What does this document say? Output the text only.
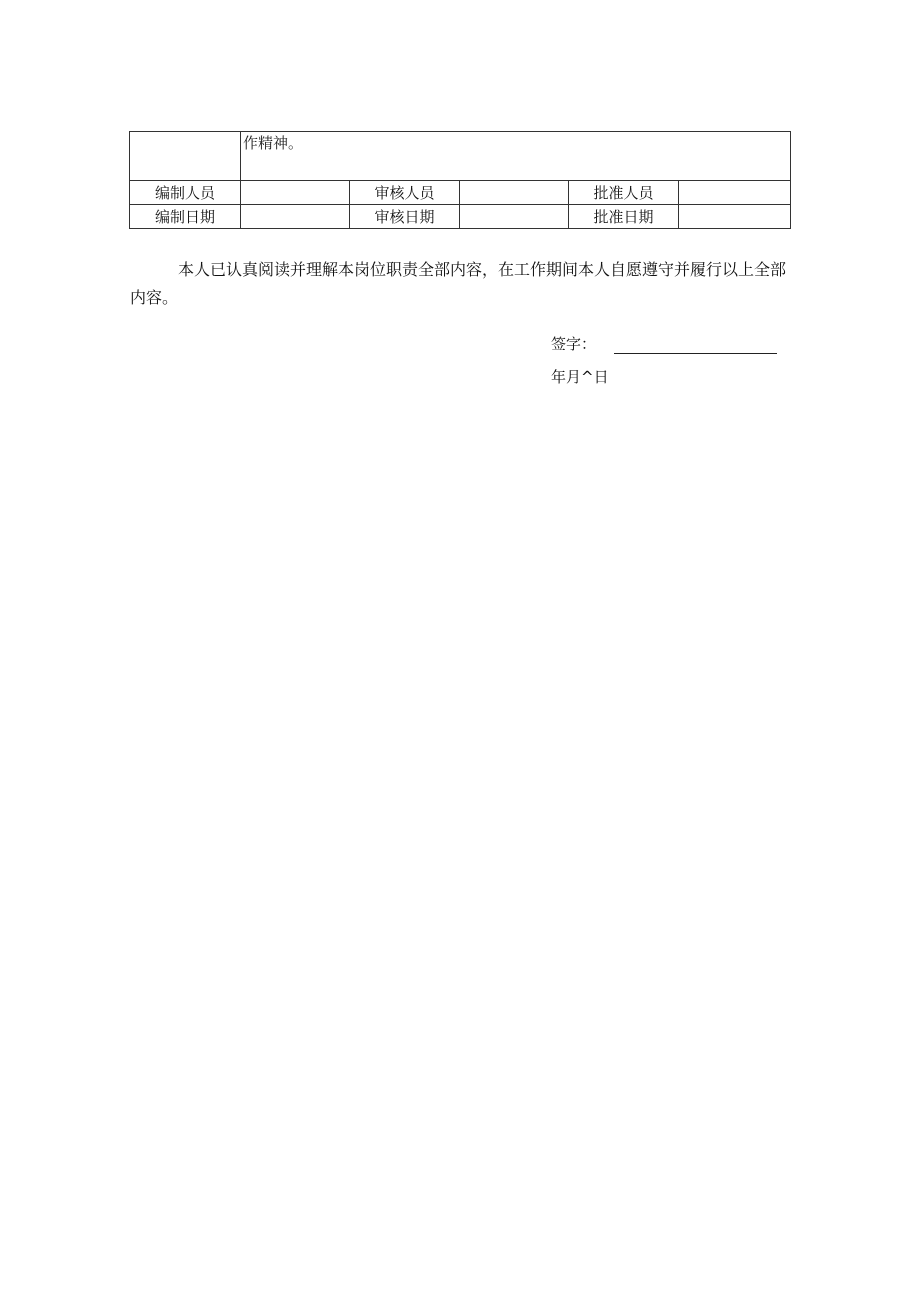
	作精神。				

编制人员		审核人员		批准人员	
编制日期		审核日期		批准日期	

本人已认真阅读并理解本岗位职责全部内容，在工作期间本人自愿遵守并履行以上全部内容。

签字：
年月^日
